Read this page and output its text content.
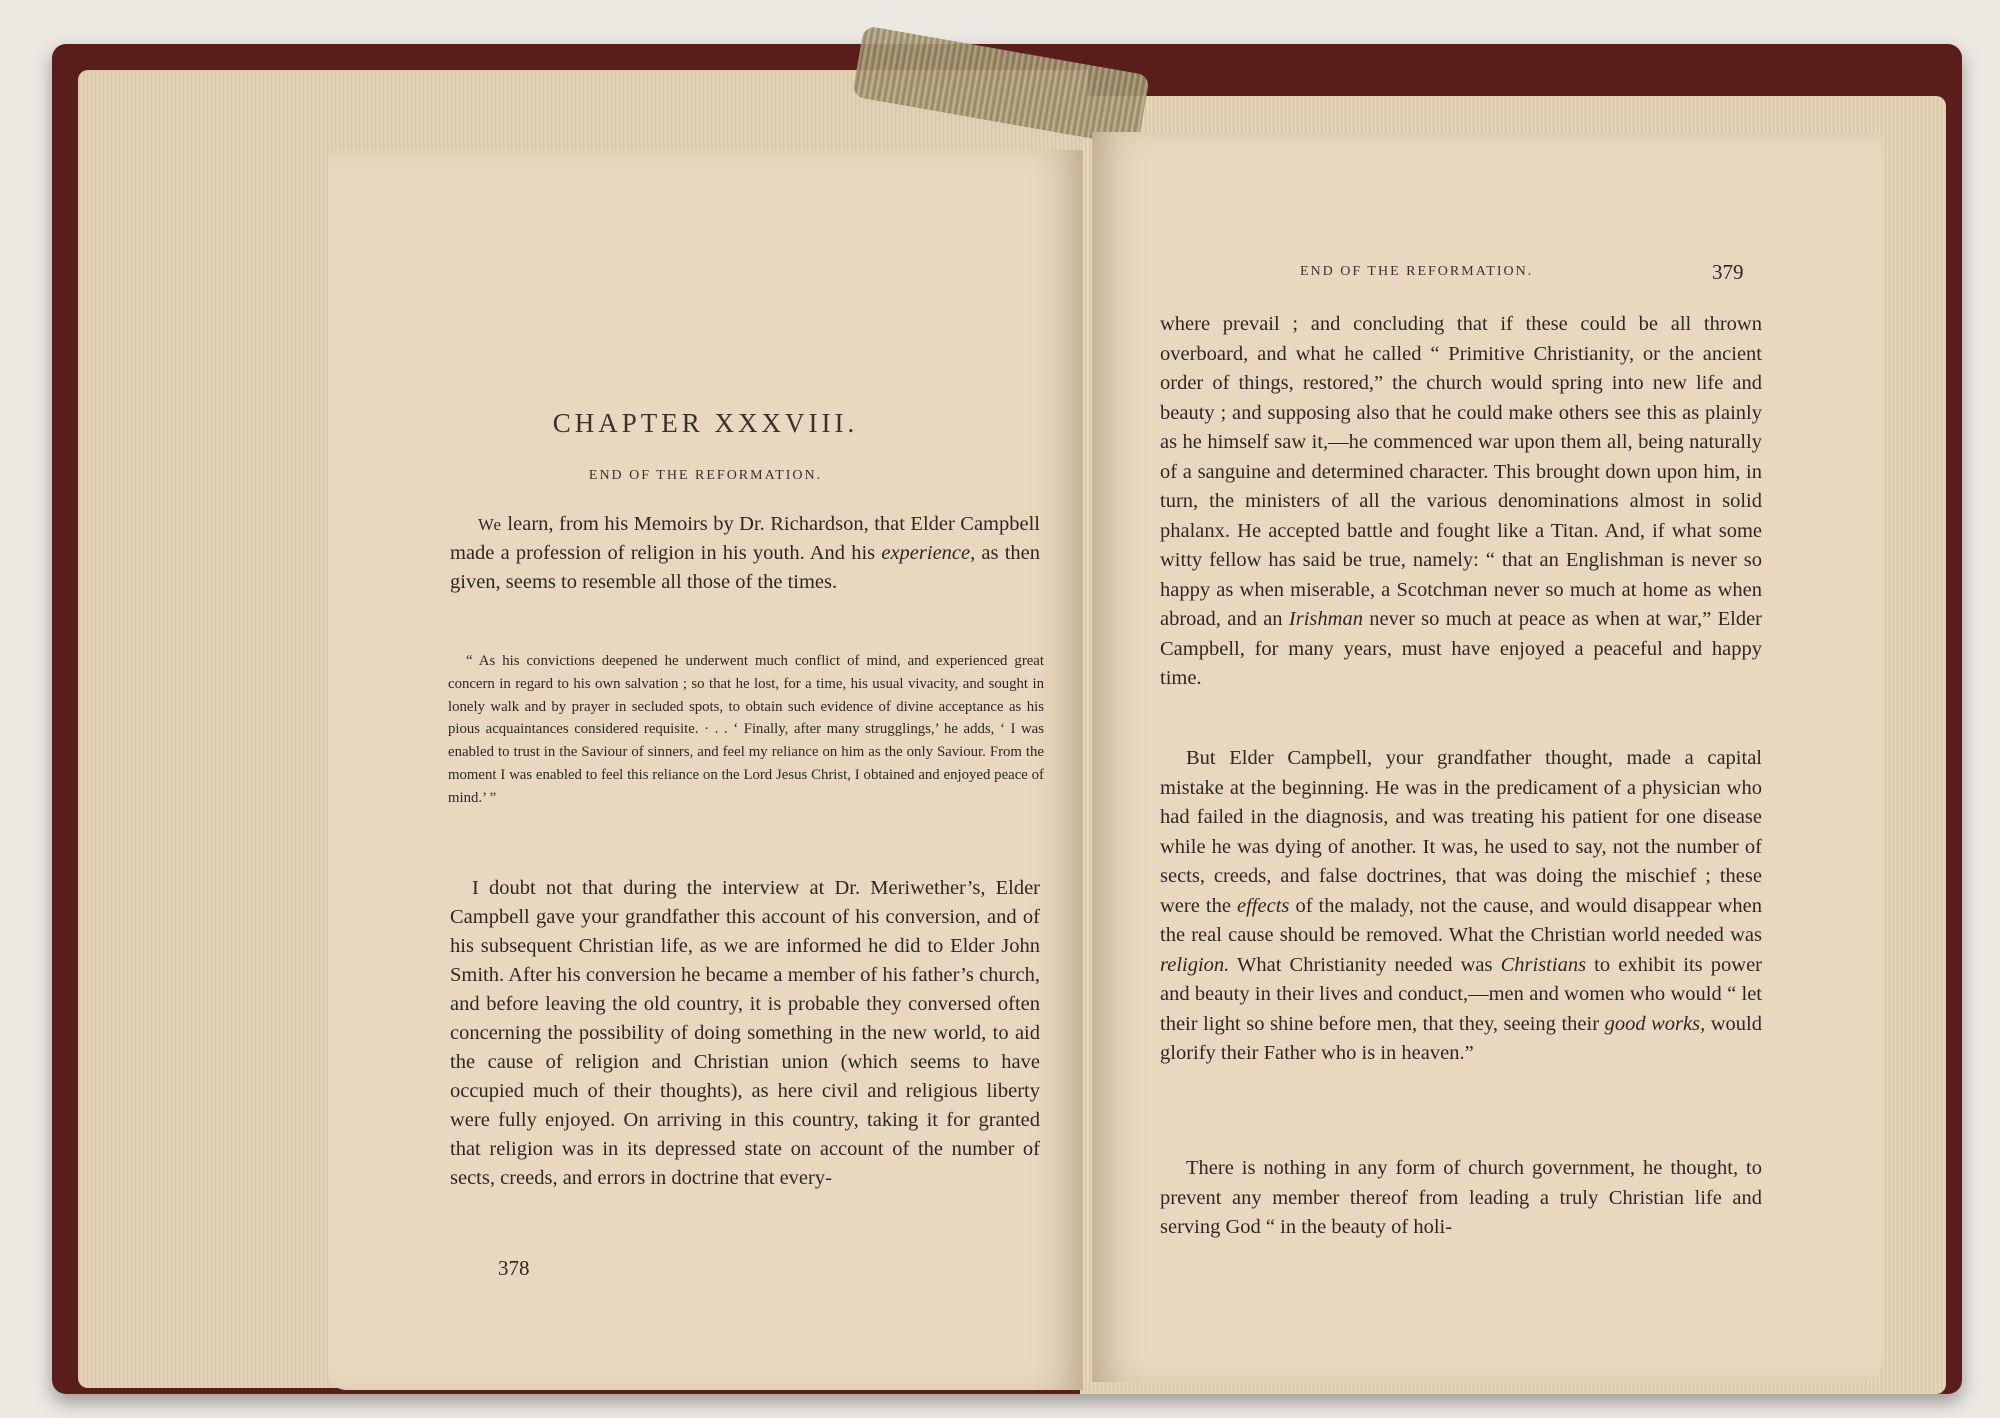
CHAPTER XXXVIII.
END OF THE REFORMATION.
We learn, from his Memoirs by Dr. Richardson, that Elder Campbell made a profession of religion in his youth. And his experience, as then given, seems to resemble all those of the times.
“ As his convictions deepened he underwent much conflict of mind, and experienced great concern in regard to his own salvation ; so that he lost, for a time, his usual vivacity, and sought in lonely walk and by prayer in secluded spots, to obtain such evidence of divine acceptance as his pious acquaintances considered requisite. · . . ‘ Finally, after many strugglings,’ he adds, ‘ I was enabled to trust in the Saviour of sinners, and feel my reliance on him as the only Saviour. From the moment I was enabled to feel this reliance on the Lord Jesus Christ, I obtained and enjoyed peace of mind.’ ”
I doubt not that during the interview at Dr. Meriwether’s, Elder Campbell gave your grandfather this account of his conversion, and of his subsequent Christian life, as we are informed he did to Elder John Smith. After his conversion he became a member of his father’s church, and before leaving the old country, it is probable they conversed often concerning the possibility of doing something in the new world, to aid the cause of religion and Christian union (which seems to have occupied much of their thoughts), as here civil and religious liberty were fully enjoyed. On arriving in this country, taking it for granted that religion was in its depressed state on account of the number of sects, creeds, and errors in doctrine that every-
378
END OF THE REFORMATION.	379
where prevail ; and concluding that if these could be all thrown overboard, and what he called “ Primitive Christianity, or the ancient order of things, restored,” the church would spring into new life and beauty ; and supposing also that he could make others see this as plainly as he himself saw it,—he commenced war upon them all, being naturally of a sanguine and determined character. This brought down upon him, in turn, the ministers of all the various denominations almost in solid phalanx. He accepted battle and fought like a Titan. And, if what some witty fellow has said be true, namely: “ that an Englishman is never so happy as when miserable, a Scotchman never so much at home as when abroad, and an Irishman never so much at peace as when at war,” Elder Campbell, for many years, must have enjoyed a peaceful and happy time.
But Elder Campbell, your grandfather thought, made a capital mistake at the beginning. He was in the predicament of a physician who had failed in the diagnosis, and was treating his patient for one disease while he was dying of another. It was, he used to say, not the number of sects, creeds, and false doctrines, that was doing the mischief ; these were the effects of the malady, not the cause, and would disappear when the real cause should be removed. What the Christian world needed was religion. What Christianity needed was Christians to exhibit its power and beauty in their lives and conduct,—men and women who would “ let their light so shine before men, that they, seeing their good works, would glorify their Father who is in heaven.”
There is nothing in any form of church government, he thought, to prevent any member thereof from leading a truly Christian life and serving God “ in the beauty of holi-
